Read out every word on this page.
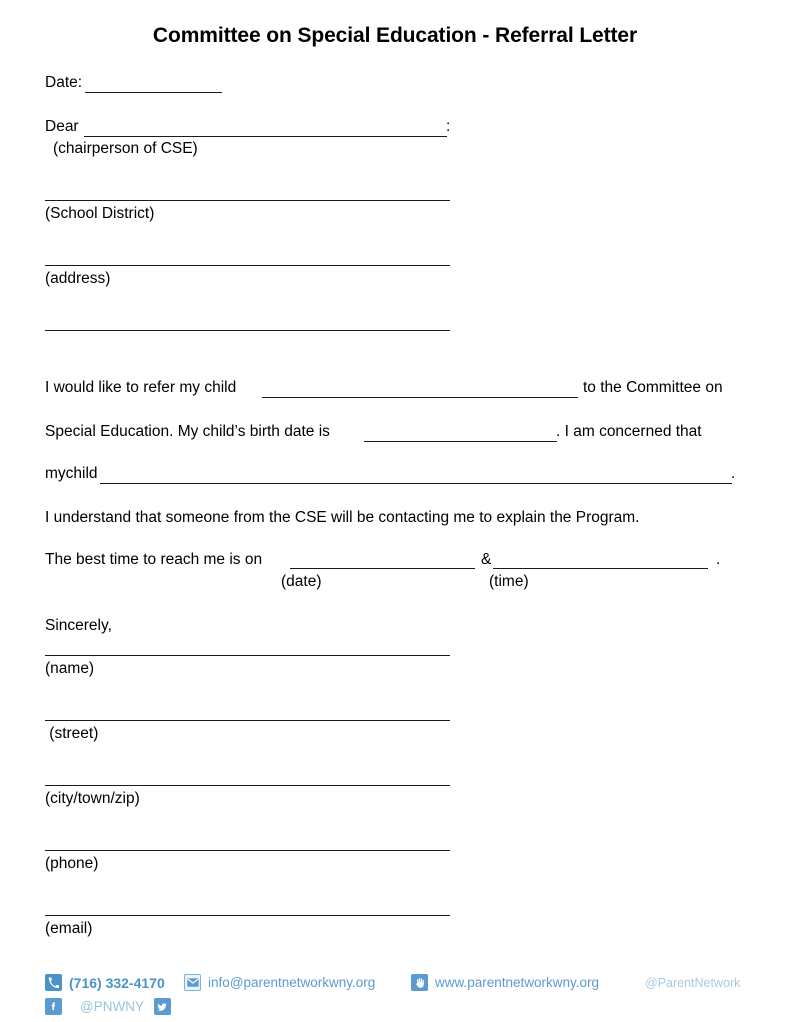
Committee on Special Education - Referral Letter
Date:
Dear	:
(chairperson of CSE)
(School District)
(address)
I would like to refer my child	to the Committee on
Special Education. My child’s birth date is	. I am concerned that
mychild	.
I understand that someone from the CSE will be contacting me to explain the Program.
The best time to reach me is on	&	.
(date)	(time)
Sincerely,
(name)
(street)
(city/town/zip)
(phone)
(email)
(716) 332-4170	info@parentnetworkwny.org	www.parentnetworkwny.org	@ParentNetwork
@PNWNY
